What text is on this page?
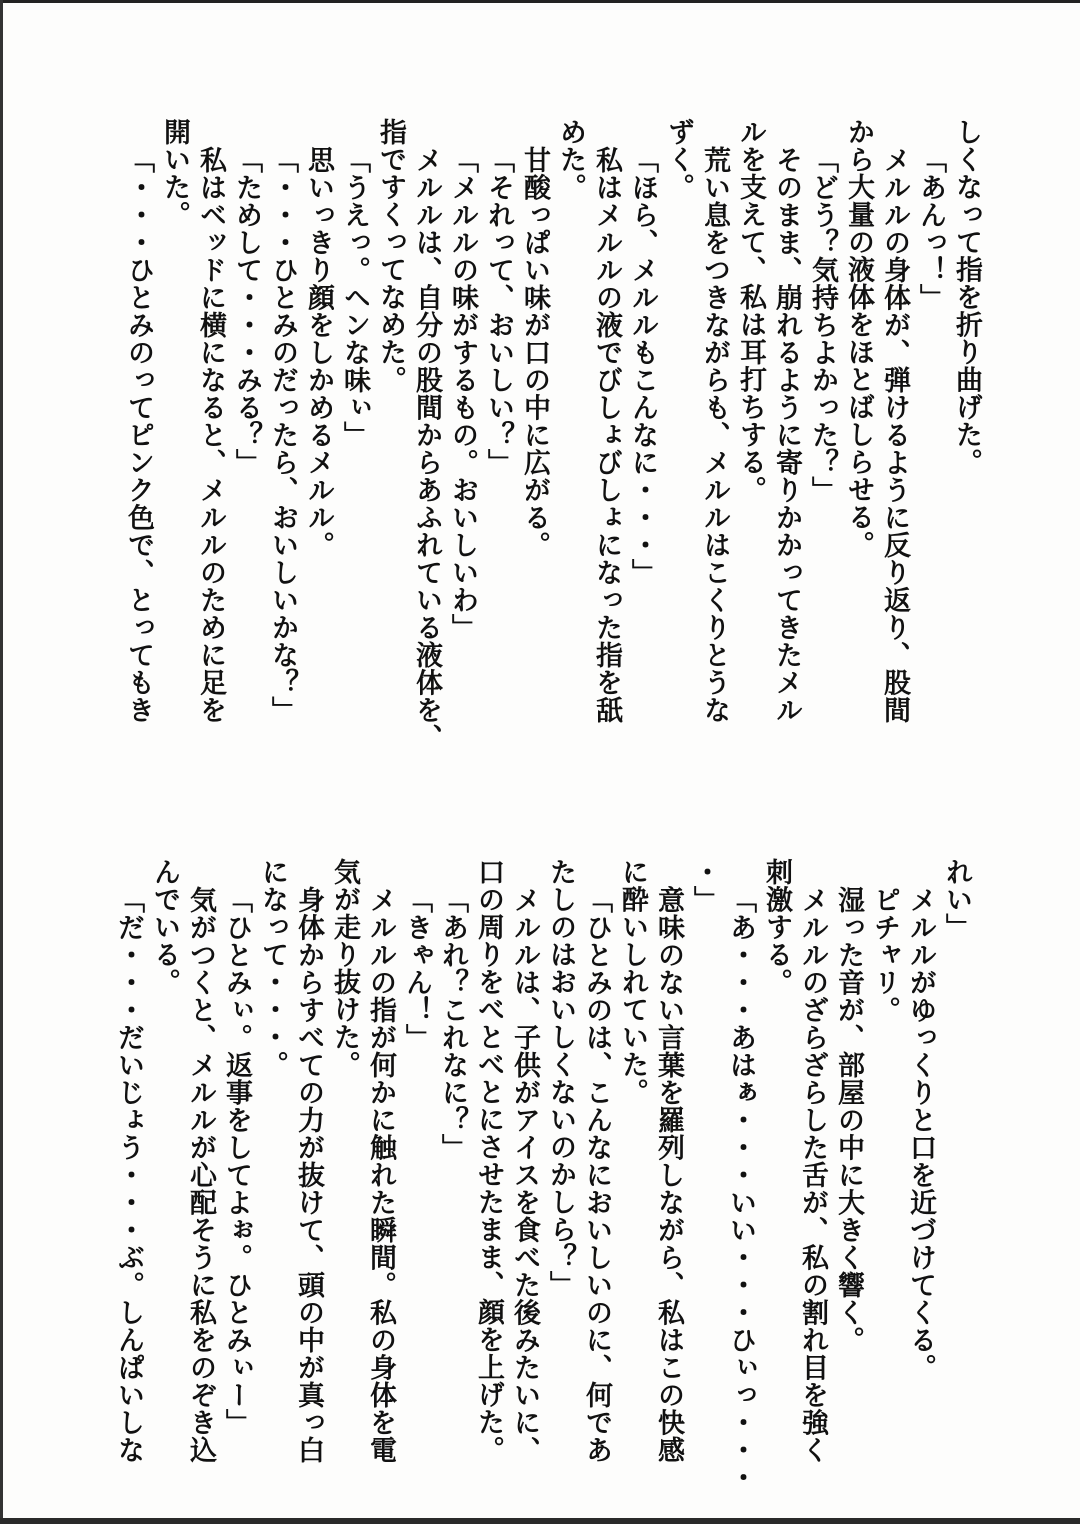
しくなって指を折り曲げた。

「あんっ！」

メルルの身体が、弾けるように反り返り、股間

から大量の液体をほとばしらせる。

「どう？気持ちよかった？」

そのまま、崩れるように寄りかかってきたメル

ルを支えて、私は耳打ちする。

荒い息をつきながらも、メルルはこくりとうな

ずく。

「ほら、メルルもこんなに・・・」

私はメルルの液でびしょびしょになった指を舐

めた。

甘酸っぱい味が口の中に広がる。

「それって、おいしい？」

「メルルの味がするもの。おいしいわ」

メルルは、自分の股間からあふれている液体を、

指ですくってなめた。

「うえっ。ヘンな味ぃ」

思いっきり顔をしかめるメルル。

「・・・ひとみのだったら、おいしいかな？」

「ためして・・・みる？」

私はベッドに横になると、メルルのために足を

開いた。

「・・・ひとみのってピンク色で、とってもき

れい」

メルルがゆっくりと口を近づけてくる。

ピチャリ。

湿った音が、部屋の中に大きく響く。

メルルのざらざらした舌が、私の割れ目を強く

刺激する。

「あ・・・あはぁ・・・いい・・・ひぃっ・・・

・」

意味のない言葉を羅列しながら、私はこの快感

に酔いしれていた。

「ひとみのは、こんなにおいしいのに、何であ

たしのはおいしくないのかしら？」

メルルは、子供がアイスを食べた後みたいに、

口の周りをべとべとにさせたまま、顔を上げた。

「あれ？これなに？」

「きゃん！」

メルルの指が何かに触れた瞬間。私の身体を電

気が走り抜けた。

身体からすべての力が抜けて、頭の中が真っ白

になって・・・。

「ひとみぃ。返事をしてよぉ。ひとみぃー」

気がつくと、メルルが心配そうに私をのぞき込

んでいる。

「だ・・・だいじょう・・・ぶ。しんぱいしな
